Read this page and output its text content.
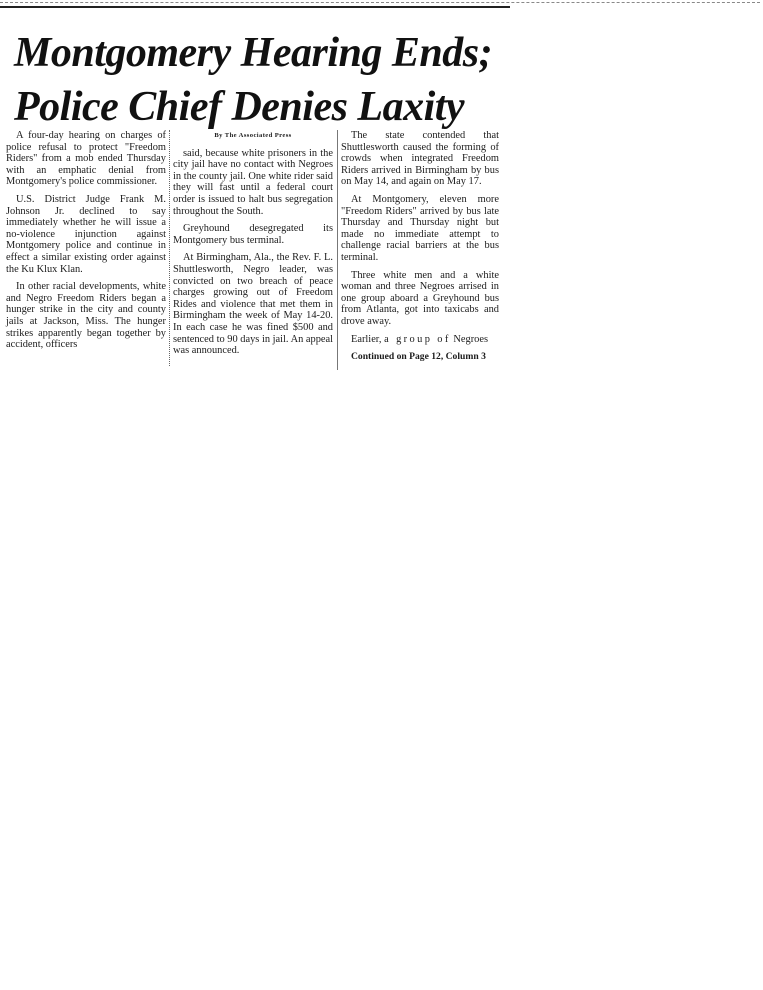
Montgomery Hearing Ends;
Police Chief Denies Laxity

A four-day hearing on charges of police refusal to protect "Freedom Riders" from a mob ended Thursday with an emphatic denial from Montgomery's police commissioner.

U.S. District Judge Frank M. Johnson Jr. declined to say immediately whether he will issue a no-violence injunction against Montgomery police and continue in effect a similar existing order against the Ku Klux Klan.

In other racial developments, white and Negro Freedom Riders began a hunger strike in the city and county jails at Jackson, Miss. The hunger strikes apparently began together by accident, officers

By The Associated Press

said, because white prisoners in the city jail have no contact with Negroes in the county jail. One white rider said they will fast until a federal court order is issued to halt bus segregation throughout the South.

Greyhound desegregated its Montgomery bus terminal.

At Birmingham, Ala., the Rev. F. L. Shuttlesworth, Negro leader, was convicted on two breach of peace charges growing out of Freedom Rides and violence that met them in Birmingham the week of May 14-20. In each case he was fined $500 and sentenced to 90 days in jail. An appeal was announced.

The state contended that Shuttlesworth caused the forming of crowds when integrated Freedom Riders arrived in Birmingham by bus on May 14, and again on May 17.

At Montgomery, eleven more "Freedom Riders" arrived by bus late Thursday and Thursday night but made no immediate attempt to challenge racial barriers at the bus terminal.

Three white men and a white woman and three Negroes arrised in one group aboard a Greyhound bus from Atlanta, got into taxicabs and drove away.

Earlier, a group of Negroes

Continued on Page 12, Column 3
